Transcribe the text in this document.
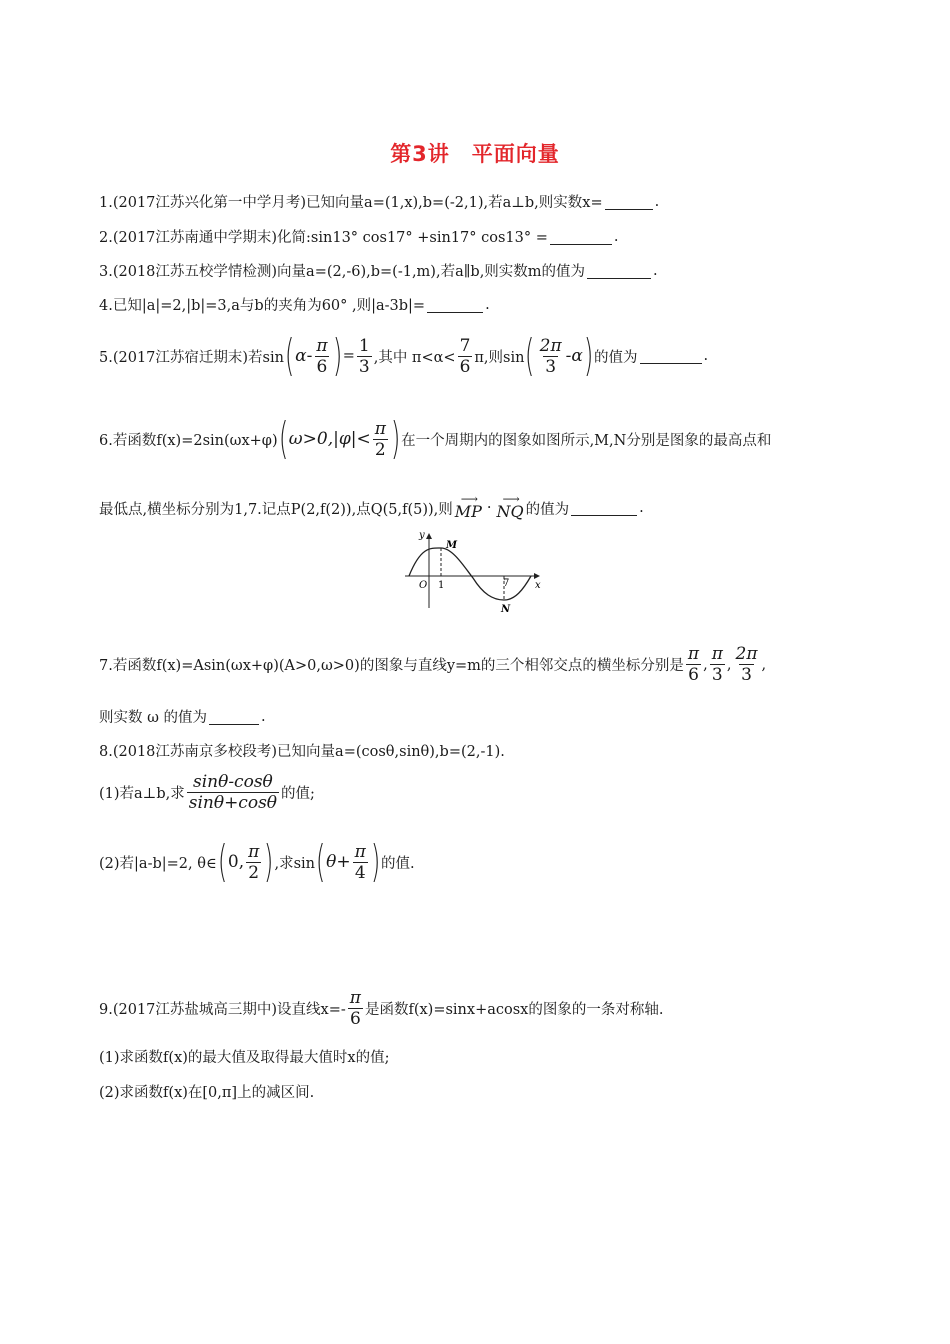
第3讲　平面向量
1.(2017江苏兴化第一中学月考)已知向量a=(1,x),b=(-2,1),若a⊥b,则实数x=	.
2.(2017江苏南通中学期末)化简:sin13° cos17° +sin17° cos13° =	.
3.(2018江苏五校学情检测)向量a=(2,-6),b=(-1,m),若a∥b,则实数m的值为	.
4.已知|a|=2,|b|=3,a与b的夹角为60° ,则|a-3b|=	.
5.(2017江苏宿迁期末)若sin ( α - $\frac{\pi}{6}$ ) = $\frac{1}{3}$ ,其中 $\pi<\alpha< \frac{7}{6} \pi$,则sin ( $\frac{2\pi}{3} -\alpha$ ) 的值为	.
6.若函数f(x)=2sin(ωx+φ) ( $\omega>0,|\varphi|< \frac{\pi}{2}$ ) 在一个周期内的图象如图所示,M,N分别是图象的最高点和
最低点,横坐标分别为1,7.记点P(2,f(2)),点Q(5,f(5)),则
⟶
MP ·
⟶
NQ 的值为	.
y
x
O 1	7
M
N
7.若函数f(x)=Asin(ωx+φ)(A>0,ω>0)的图象与直线y=m的三个相邻交点的横坐标分别是 $\frac{\pi}{6}$ , $\frac{\pi}{3}$ , $\frac{2\pi}{3}$ ,
则实数 ω 的值为	.
8.(2018江苏南京多校段考)已知向量a=(cosθ,sinθ),b=(2,-1).
(1)若a⊥b,求 $\frac{\sin\theta-\cos\theta}{\sin\theta+\cos\theta}$ 的值;
(2)若|a-b|=2, θ∈ ( 0, $\frac{\pi}{2}$ ) ,求sin ( $\theta+ \frac{\pi}{4}$ ) 的值.
9.(2017江苏盐城高三期中)设直线$x=- \frac{\pi}{6}$ 是函数f(x)=sinx+acosx的图象的一条对称轴.
(1)求函数f(x)的最大值及取得最大值时x的值;
(2)求函数f(x)在[0,π]上的减区间.
